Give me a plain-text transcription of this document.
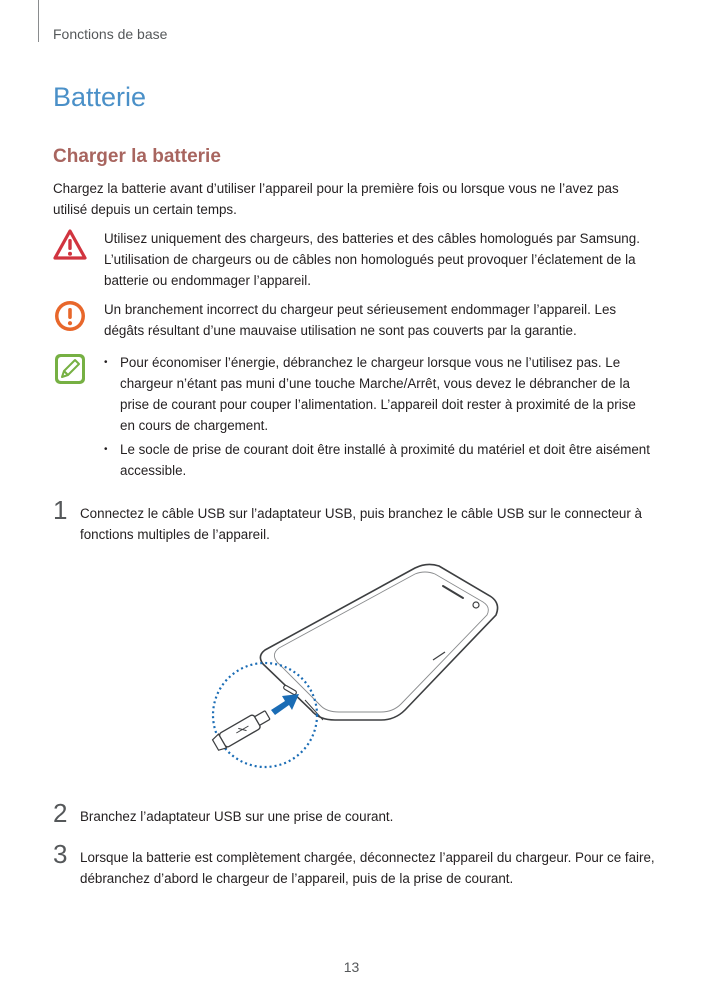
Fonctions de base
Batterie
Charger la batterie

Chargez la batterie avant d’utiliser l’appareil pour la première fois ou lorsque vous ne l’avez pas utilisé depuis un certain temps.

Utilisez uniquement des chargeurs, des batteries et des câbles homologués par Samsung. L’utilisation de chargeurs ou de câbles non homologués peut provoquer l’éclatement de la batterie ou endommager l’appareil.

Un branchement incorrect du chargeur peut sérieusement endommager l’appareil. Les dégâts résultant d’une mauvaise utilisation ne sont pas couverts par la garantie.

• Pour économiser l’énergie, débranchez le chargeur lorsque vous ne l’utilisez pas. Le chargeur n’étant pas muni d’une touche Marche/Arrêt, vous devez le débrancher de la prise de courant pour couper l’alimentation. L’appareil doit rester à proximité de la prise en cours de chargement.
• Le socle de prise de courant doit être installé à proximité du matériel et doit être aisément accessible.
1 Connectez le câble USB sur l’adaptateur USB, puis branchez le câble USB sur le connecteur à fonctions multiples de l’appareil.

2 Branchez l’adaptateur USB sur une prise de courant.

3 Lorsque la batterie est complètement chargée, déconnectez l’appareil du chargeur. Pour ce faire, débranchez d’abord le chargeur de l’appareil, puis de la prise de courant.

13
